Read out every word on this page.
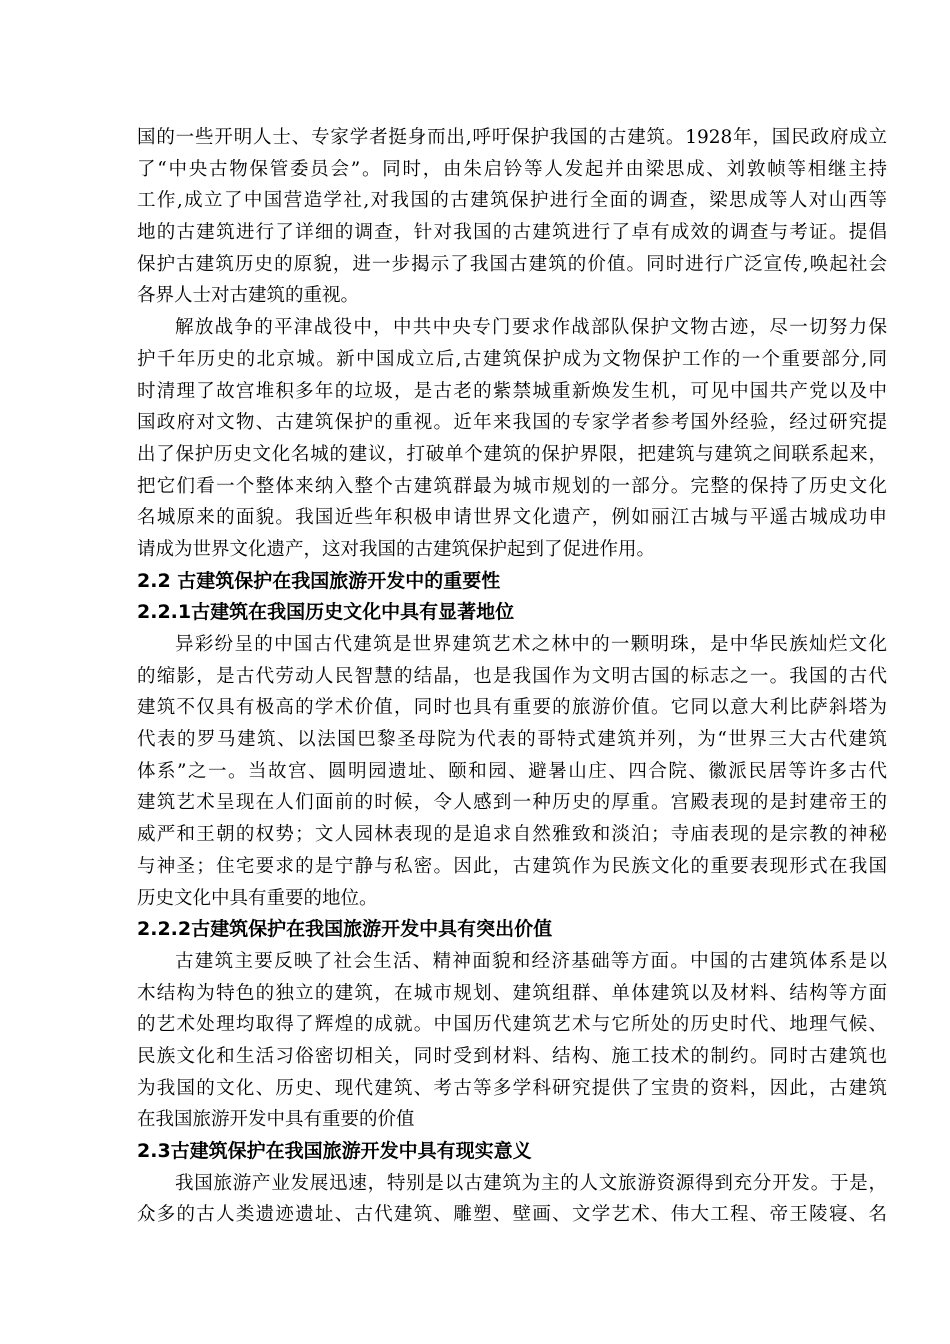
国的一些开明人士、专家学者挺身而出,呼吁保护我国的古建筑。1928年，国民政府成立
了“中央古物保管委员会”。同时，由朱启钤等人发起并由梁思成、刘敦帧等相继主持
工作,成立了中国营造学社,对我国的古建筑保护进行全面的调查，梁思成等人对山西等
地的古建筑进行了详细的调查，针对我国的古建筑进行了卓有成效的调查与考证。提倡
保护古建筑历史的原貌，进一步揭示了我国古建筑的价值。同时进行广泛宣传,唤起社会
各界人士对古建筑的重视。
解放战争的平津战役中，中共中央专门要求作战部队保护文物古迹，尽一切努力保
护千年历史的北京城。新中国成立后,古建筑保护成为文物保护工作的一个重要部分,同
时清理了故宫堆积多年的垃圾，是古老的紫禁城重新焕发生机，可见中国共产党以及中
国政府对文物、古建筑保护的重视。近年来我国的专家学者参考国外经验，经过研究提
出了保护历史文化名城的建议，打破单个建筑的保护界限，把建筑与建筑之间联系起来，
把它们看一个整体来纳入整个古建筑群最为城市规划的一部分。完整的保持了历史文化
名城原来的面貌。我国近些年积极申请世界文化遗产，例如丽江古城与平遥古城成功申
请成为世界文化遗产，这对我国的古建筑保护起到了促进作用。
2.2 古建筑保护在我国旅游开发中的重要性
2.2.1古建筑在我国历史文化中具有显著地位
异彩纷呈的中国古代建筑是世界建筑艺术之林中的一颗明珠，是中华民族灿烂文化
的缩影，是古代劳动人民智慧的结晶，也是我国作为文明古国的标志之一。我国的古代
建筑不仅具有极高的学术价值，同时也具有重要的旅游价值。它同以意大利比萨斜塔为
代表的罗马建筑、以法国巴黎圣母院为代表的哥特式建筑并列，为“世界三大古代建筑
体系”之一。当故宫、圆明园遗址、颐和园、避暑山庄、四合院、徽派民居等许多古代
建筑艺术呈现在人们面前的时候，令人感到一种历史的厚重。宫殿表现的是封建帝王的
威严和王朝的权势；文人园林表现的是追求自然雅致和淡泊；寺庙表现的是宗教的神秘
与神圣；住宅要求的是宁静与私密。因此，古建筑作为民族文化的重要表现形式在我国
历史文化中具有重要的地位。
2.2.2古建筑保护在我国旅游开发中具有突出价值
古建筑主要反映了社会生活、精神面貌和经济基础等方面。中国的古建筑体系是以
木结构为特色的独立的建筑，在城市规划、建筑组群、单体建筑以及材料、结构等方面
的艺术处理均取得了辉煌的成就。中国历代建筑艺术与它所处的历史时代、地理气候、
民族文化和生活习俗密切相关，同时受到材料、结构、施工技术的制约。同时古建筑也
为我国的文化、历史、现代建筑、考古等多学科研究提供了宝贵的资料，因此，古建筑
在我国旅游开发中具有重要的价值
2.3古建筑保护在我国旅游开发中具有现实意义
我国旅游产业发展迅速，特别是以古建筑为主的人文旅游资源得到充分开发。于是，
众多的古人类遗迹遗址、古代建筑、雕塑、壁画、文学艺术、伟大工程、帝王陵寝、名
